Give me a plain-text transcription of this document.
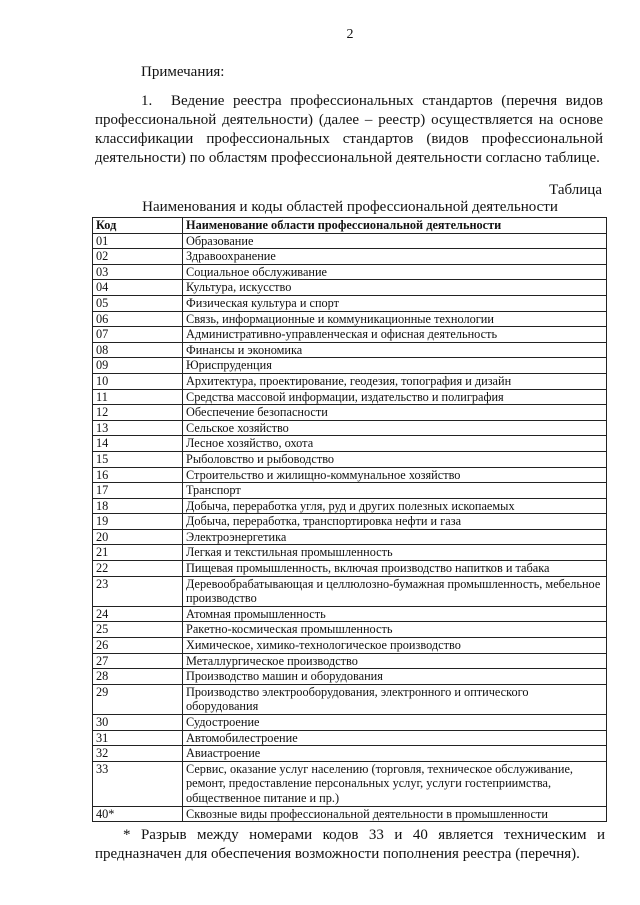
2
Примечания:
1. Ведение реестра профессиональных стандартов (перечня видов профессиональной деятельности) (далее – реестр) осуществляется на основе классификации профессиональных стандартов (видов профессиональной деятельности) по областям профессиональной деятельности согласно таблице.
Таблица
Наименования и коды областей профессиональной деятельности
Код	Наименование области профессиональной деятельности
01	Образование
02	Здравоохранение
03	Социальное обслуживание
04	Культура, искусство
05	Физическая культура и спорт
06	Связь, информационные и коммуникационные технологии
07	Административно-управленческая и офисная деятельность
08	Финансы и экономика
09	Юриспруденция
10	Архитектура, проектирование, геодезия, топография и дизайн
11	Средства массовой информации, издательство и полиграфия
12	Обеспечение безопасности
13	Сельское хозяйство
14	Лесное хозяйство, охота
15	Рыболовство и рыбоводство
16	Строительство и жилищно-коммунальное хозяйство
17	Транспорт
18	Добыча, переработка угля, руд и других полезных ископаемых
19	Добыча, переработка, транспортировка нефти и газа
20	Электроэнергетика
21	Легкая и текстильная промышленность
22	Пищевая промышленность, включая производство напитков и табака
23	Деревообрабатывающая и целлюлозно-бумажная промышленность, мебельное производство
24	Атомная промышленность
25	Ракетно-космическая промышленность
26	Химическое, химико-технологическое производство
27	Металлургическое производство
28	Производство машин и оборудования
29	Производство электрооборудования, электронного и оптического оборудования
30	Судостроение
31	Автомобилестроение
32	Авиастроение
33	Сервис, оказание услуг населению (торговля, техническое обслуживание, ремонт, предоставление персональных услуг, услуги гостеприимства, общественное питание и пр.)
40*	Сквозные виды профессиональной деятельности в промышленности
* Разрыв между номерами кодов 33 и 40 является техническим и предназначен для обеспечения возможности пополнения реестра (перечня).
